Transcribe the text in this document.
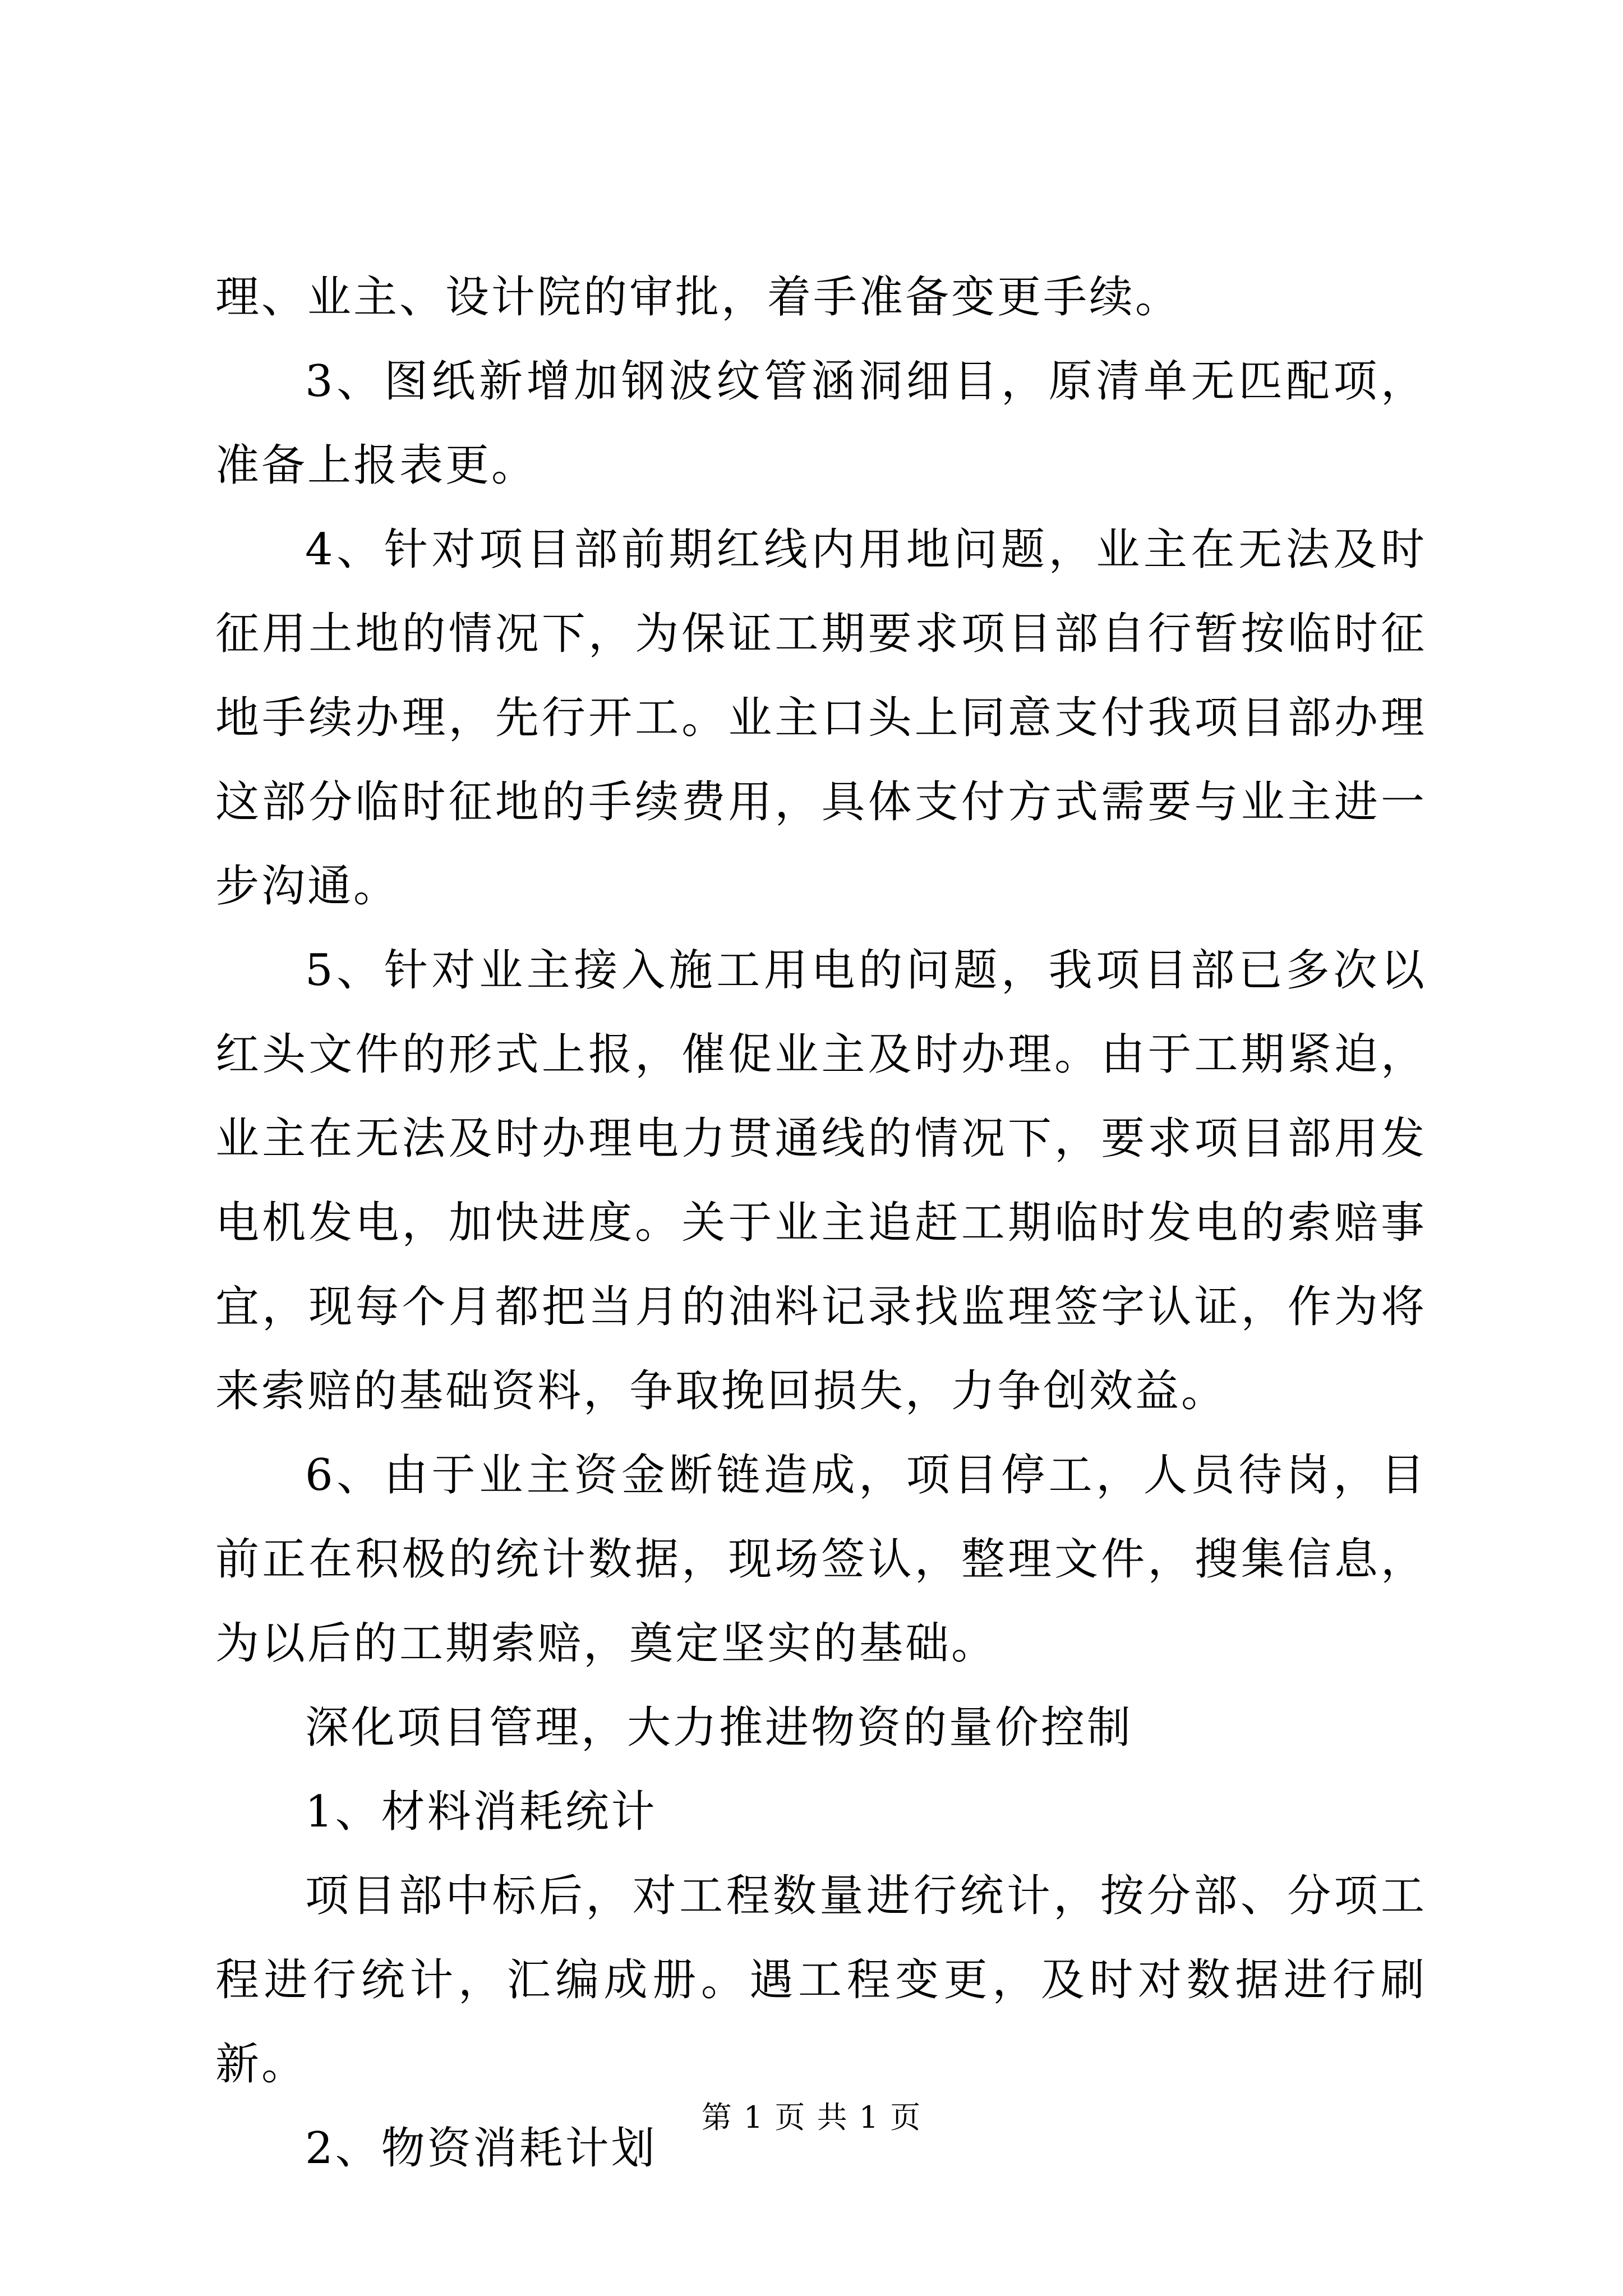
理、业主、设计院的审批，着手准备变更手续。

3、图纸新增加钢波纹管涵洞细目，原清单无匹配项，准备上报表更。

4、针对项目部前期红线内用地问题，业主在无法及时征用土地的情况下，为保证工期要求项目部自行暂按临时征地手续办理，先行开工。业主口头上同意支付我项目部办理这部分临时征地的手续费用，具体支付方式需要与业主进一步沟通。

5、针对业主接入施工用电的问题，我项目部已多次以红头文件的形式上报，催促业主及时办理。由于工期紧迫，业主在无法及时办理电力贯通线的情况下，要求项目部用发电机发电，加快进度。关于业主追赶工期临时发电的索赔事宜，现每个月都把当月的油料记录找监理签字认证，作为将来索赔的基础资料，争取挽回损失，力争创效益。

6、由于业主资金断链造成，项目停工，人员待岗，目前正在积极的统计数据，现场签认，整理文件，搜集信息，为以后的工期索赔，奠定坚实的基础。

深化项目管理，大力推进物资的量价控制

1、材料消耗统计

项目部中标后，对工程数量进行统计，按分部、分项工程进行统计，汇编成册。遇工程变更，及时对数据进行刷新。

2、物资消耗计划

第 1 页 共 1 页
